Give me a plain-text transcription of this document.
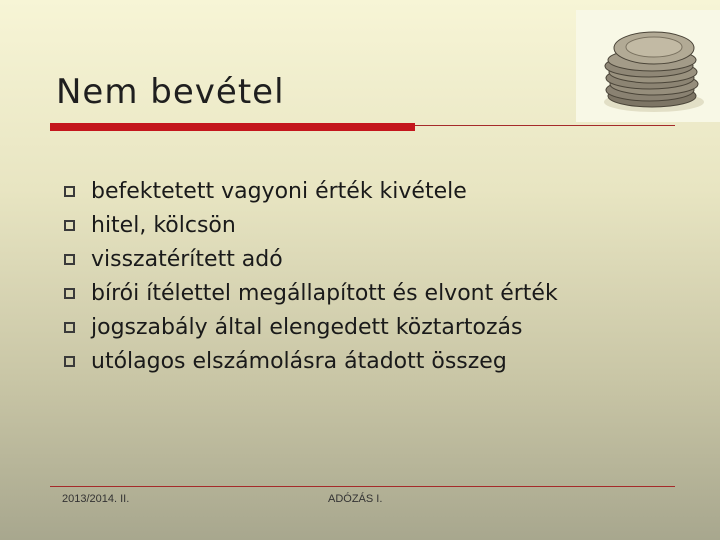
Nem bevétel
befektetett vagyoni érték kivétele
hitel, kölcsön
visszatérített adó
bírói ítélettel megállapított és elvont érték
jogszabály által elengedett köztartozás
utólagos elszámolásra átadott összeg
2013/2014. II.	ADÓZÁS I.
